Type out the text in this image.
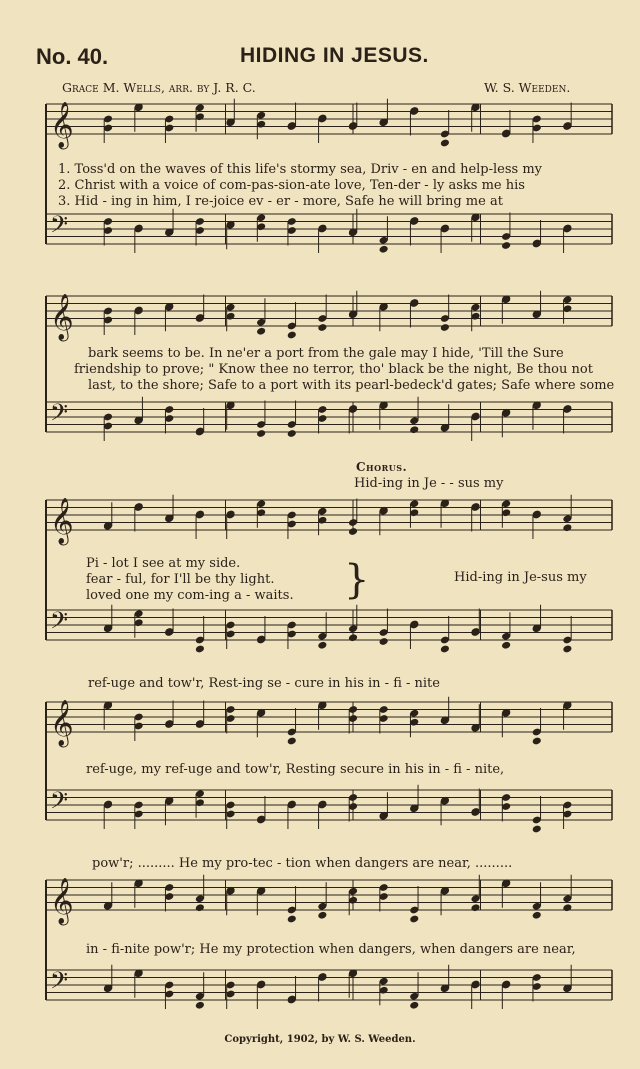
No. 40.	HIDING IN JESUS.
Grace M. Wells, arr. by J. R. C.	W. S. Weeden.
𝄞
𝄢
1. Toss'd on the waves of this life's stormy sea, Driv - en and help-less my
2. Christ with a voice of com-pas-sion-ate love, Ten-der - ly asks me his
3. Hid - ing in him, I re-joice ev - er - more, Safe he will bring me at
𝄞
𝄢
bark seems to be. In ne'er a port from the gale may I hide, 'Till the Sure
friendship to prove; " Know thee no terror, tho' black be the night, Be thou not
last, to the shore; Safe to a port with its pearl-bedeck'd gates; Safe where some
Chorus.
Hid-ing in Je - - sus my
𝄞
𝄢
Pi - lot I see at my side.
fear - ful, for I'll be thy light.
loved one my com-ing a - waits. }	Hid-ing in Je-sus my
ref-uge and tow'r, Rest-ing se - cure in his in - fi - nite
𝄞
𝄢
ref-uge, my ref-uge and tow'r, Resting secure in his in - fi - nite,
pow'r; ......... He my pro-tec - tion when dangers are near, .........
𝄞
𝄢
in - fi-nite pow'r; He my protection when dangers, when dangers are near,
Copyright, 1902, by W. S. Weeden.
